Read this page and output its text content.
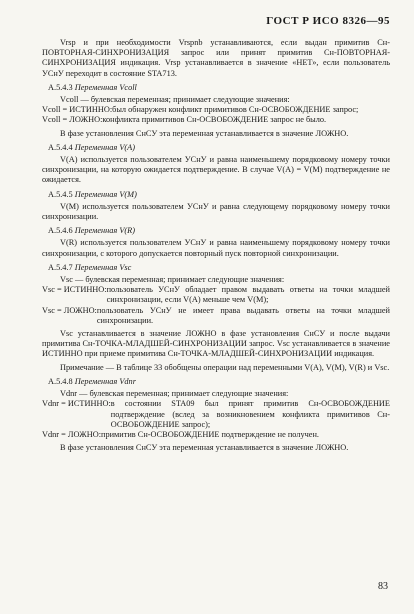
ГОСТ Р ИСО 8326—95

Vrsp и при необходимости Vrspnb устанавливаются, если выдан примитив Сн-ПОВТОРНАЯ-СИНХРОНИЗАЦИЯ запрос или принят примитив Сн-ПОВТОРНАЯ-СИНХРОНИЗАЦИЯ индикация. Vrsp устанавливается в значение «НЕТ», если пользователь УСнУ переходит в состояние STA713.

А.5.4.3 Переменная Vcoll

Vcoll — булевская переменная; принимает следующие значения:

Vcoll = ИСТИННО: был обнаружен конфликт примитивов Сн-ОСВОБОЖДЕНИЕ запрос;
Vcoll = ЛОЖНО: конфликта примитивов Сн-ОСВОБОЖДЕНИЕ запрос не было.

В фазе установления СнСУ эта переменная устанавливается в значение ЛОЖНО.

А.5.4.4 Переменная V(A)

V(A) используется пользователем УСнУ и равна наименьшему порядковому номеру точки синхронизации, на которую ожидается подтверждение. В случае V(A) = V(M) подтверждение не ожидается.

А.5.4.5 Переменная V(M)

V(M) используется пользователем УСнУ и равна следующему порядковому номеру точки синхронизации.

А.5.4.6 Переменная V(R)

V(R) используется пользователем УСнУ и равна наименьшему порядковому номеру точки синхронизации, с которого допускается повторный пуск повторной синхронизации.

А.5.4.7 Переменная Vsc

Vsc — булевская переменная; принимает следующие значения:

Vsc = ИСТИННО: пользователь УСнУ обладает правом выдавать ответы на точки младшей синхронизации, если V(A) меньше чем V(M);
Vsc = ЛОЖНО: пользователь УСнУ не имеет права выдавать ответы на точки младшей синхронизации.

Vsc устанавливается в значение ЛОЖНО в фазе установления СнСУ и после выдачи примитива Сн-ТОЧКА-МЛАДШЕЙ-СИНХРОНИЗАЦИИ запрос. Vsc устанавливается в значение ИСТИННО при приеме примитива Сн-ТОЧКА-МЛАДШЕЙ-СИНХРОНИЗАЦИИ индикация.

Примечание — В таблице 33 обобщены операции над переменными V(A), V(M), V(R) и Vsc.

А.5.4.8 Переменная Vdnr

Vdnr — булевская переменная; принимает следующие значения:

Vdnr = ИСТИННО: в состоянии STA09 был принят примитив Сн-ОСВОБОЖДЕНИЕ подтверждение (вслед за возникновением конфликта примитивов Сн-ОСВОБОЖДЕНИЕ запрос);
Vdnr = ЛОЖНО: примитив Сн-ОСВОБОЖДЕНИЕ подтверждение не получен.

В фазе установления СнСУ эта переменная устанавливается в значение ЛОЖНО.

83
